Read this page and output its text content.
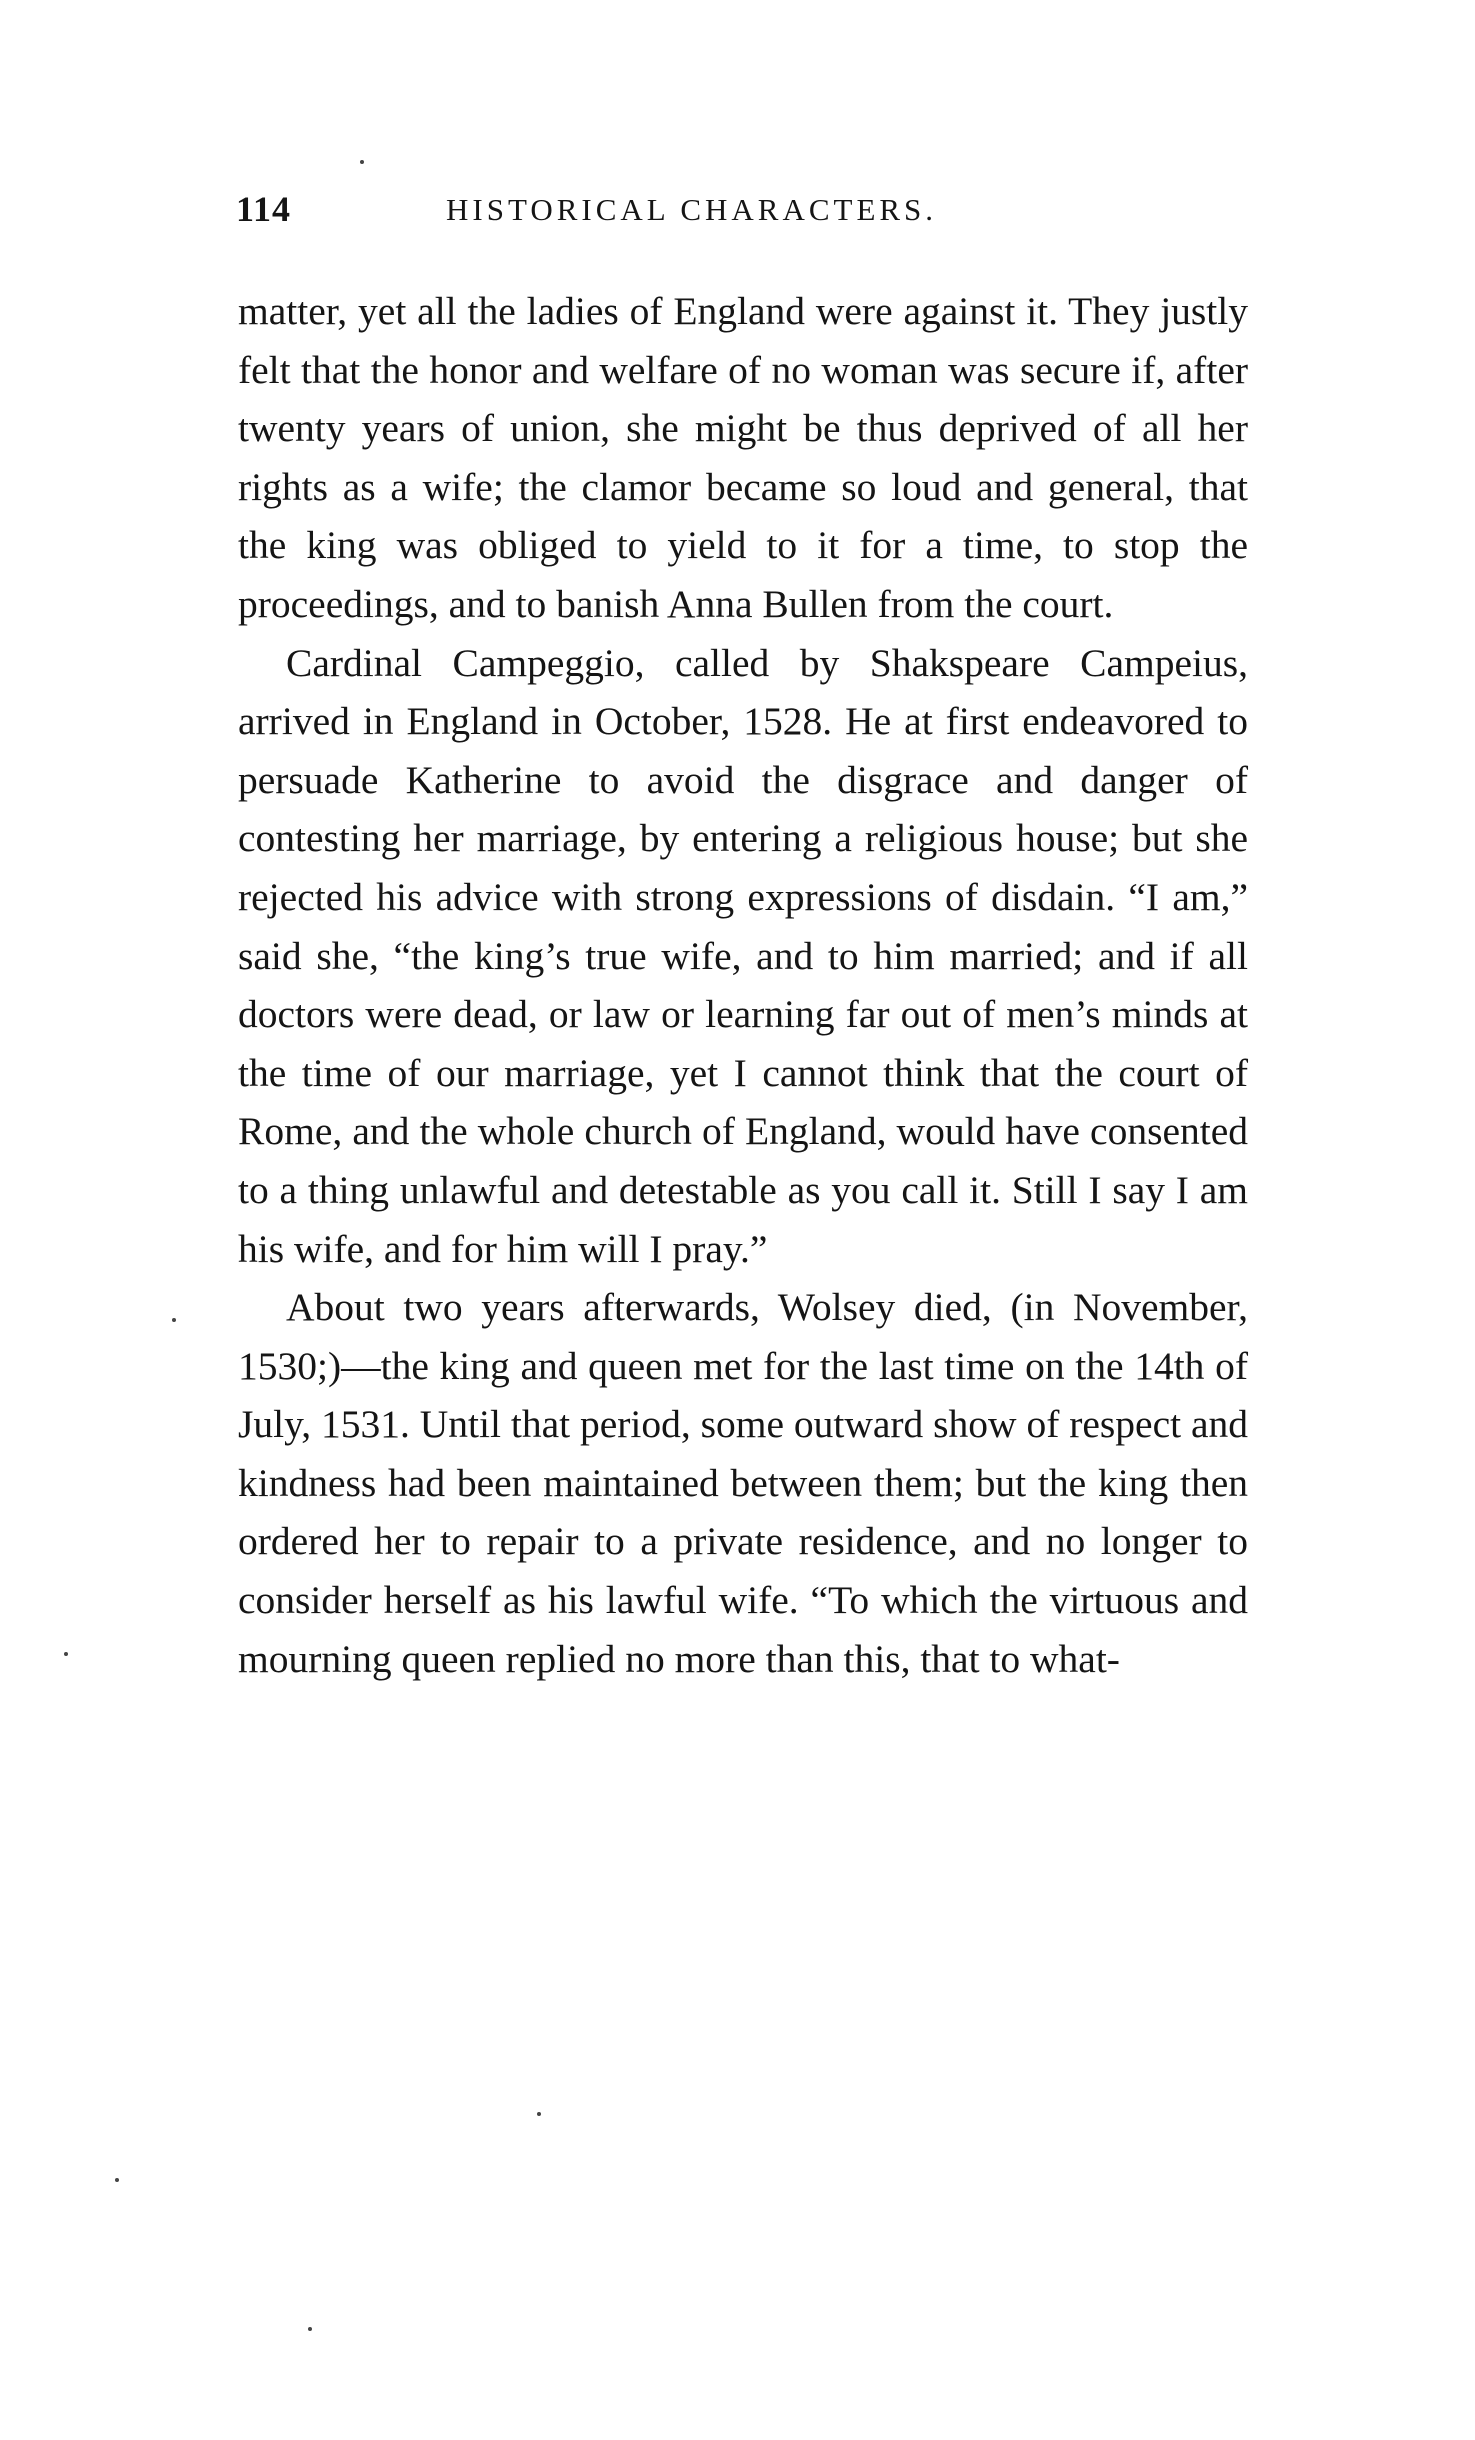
114	HISTORICAL CHARACTERS.

matter, yet all the ladies of England were against it. They justly felt that the honor and welfare of no woman was secure if, after twenty years of union, she might be thus deprived of all her rights as a wife; the clamor became so loud and general, that the king was obliged to yield to it for a time, to stop the proceedings, and to banish Anna Bullen from the court.

Cardinal Campeggio, called by Shakspeare Campeius, arrived in England in October, 1528. He at first endeavored to persuade Katherine to avoid the disgrace and danger of contesting her marriage, by entering a religious house; but she rejected his advice with strong expressions of disdain. “I am,” said she, “the king’s true wife, and to him married; and if all doctors were dead, or law or learning far out of men’s minds at the time of our marriage, yet I cannot think that the court of Rome, and the whole church of England, would have consented to a thing unlawful and detestable as you call it. Still I say I am his wife, and for him will I pray.”

About two years afterwards, Wolsey died, (in November, 1530;)—the king and queen met for the last time on the 14th of July, 1531. Until that period, some outward show of respect and kindness had been maintained between them; but the king then ordered her to repair to a private residence, and no longer to consider herself as his lawful wife. “To which the virtuous and mourning queen replied no more than this, that to what-
